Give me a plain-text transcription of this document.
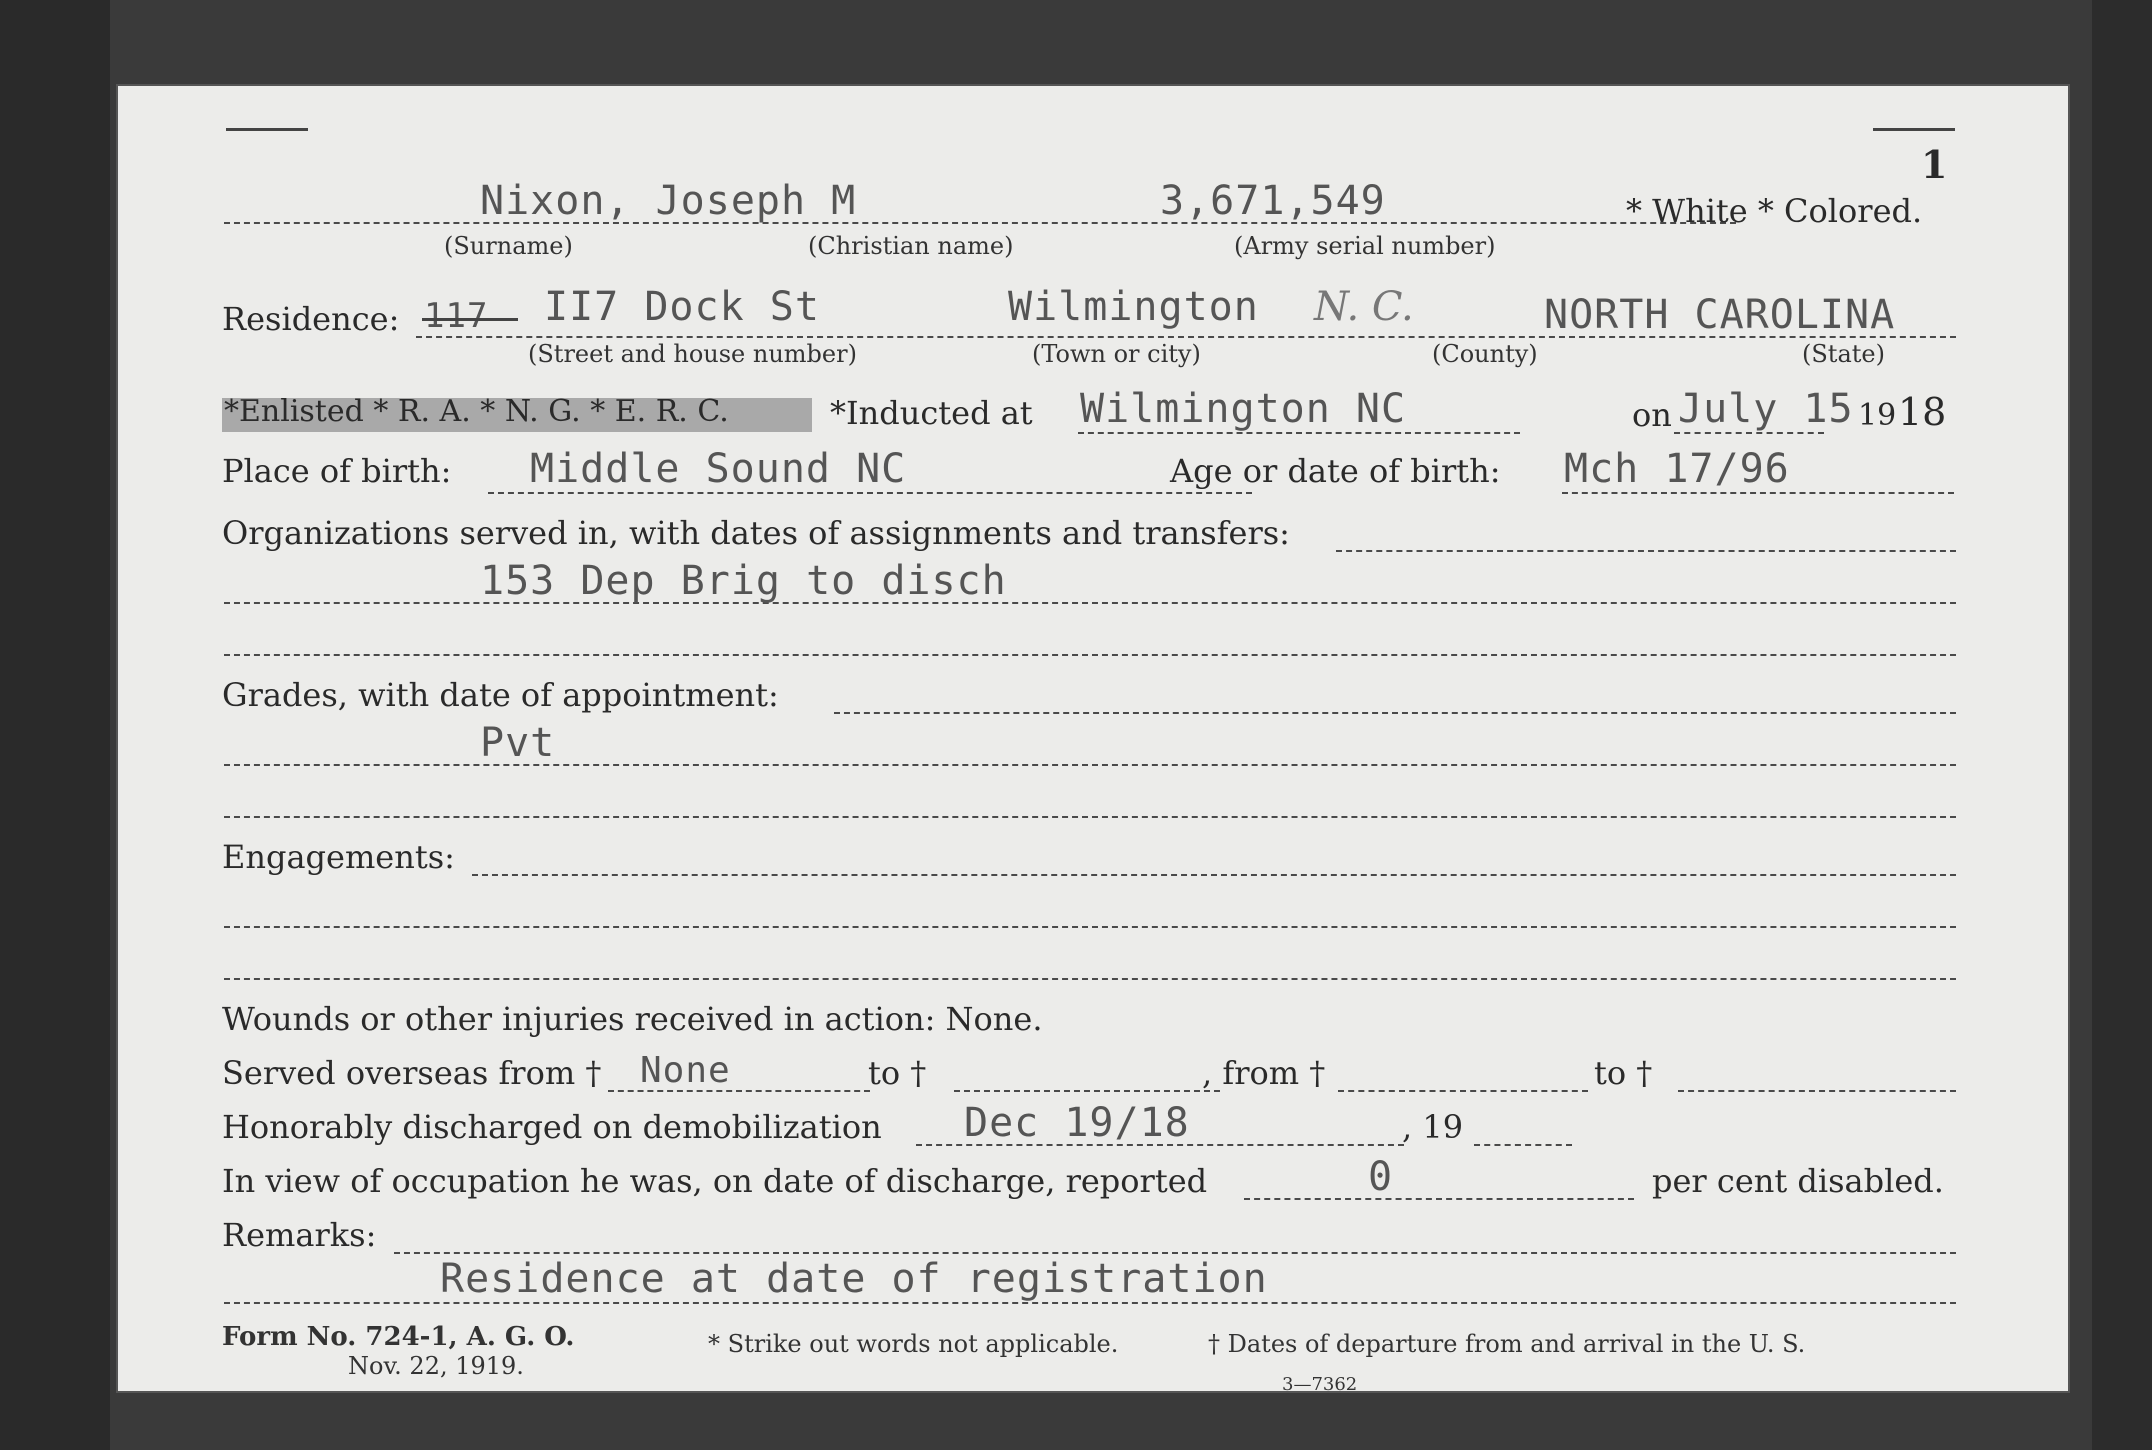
1
Nixon, Joseph M	3,671,549	* White * Colored.
(Surname)	(Christian name)	(Army serial number)
Residence: 117 II7 Dock St	Wilmington N. C.	NORTH CAROLINA
(Street and house number)	(Town or city)	(County)	(State)
*Enlisted * R. A. * N. G. * E. R. C.	*Inducted at Wilmington NC	on July 15 19 18
Place of birth: Middle Sound NC	Age or date of birth: Mch 17/96
Organizations served in, with dates of assignments and transfers:
153 Dep Brig to disch
Grades, with date of appointment:
Pvt
Engagements:
Wounds or other injuries received in action: None.
Served overseas from † None	to †	, from †	to †
Honorably discharged on demobilization Dec 19/18	, 19
In view of occupation he was, on date of discharge, reported	0	per cent disabled.
Remarks:
Residence at date of registration
Form No. 724-1, A. G. O.
Nov. 22, 1919.
* Strike out words not applicable.	† Dates of departure from and arrival in the U. S.
3—7362
